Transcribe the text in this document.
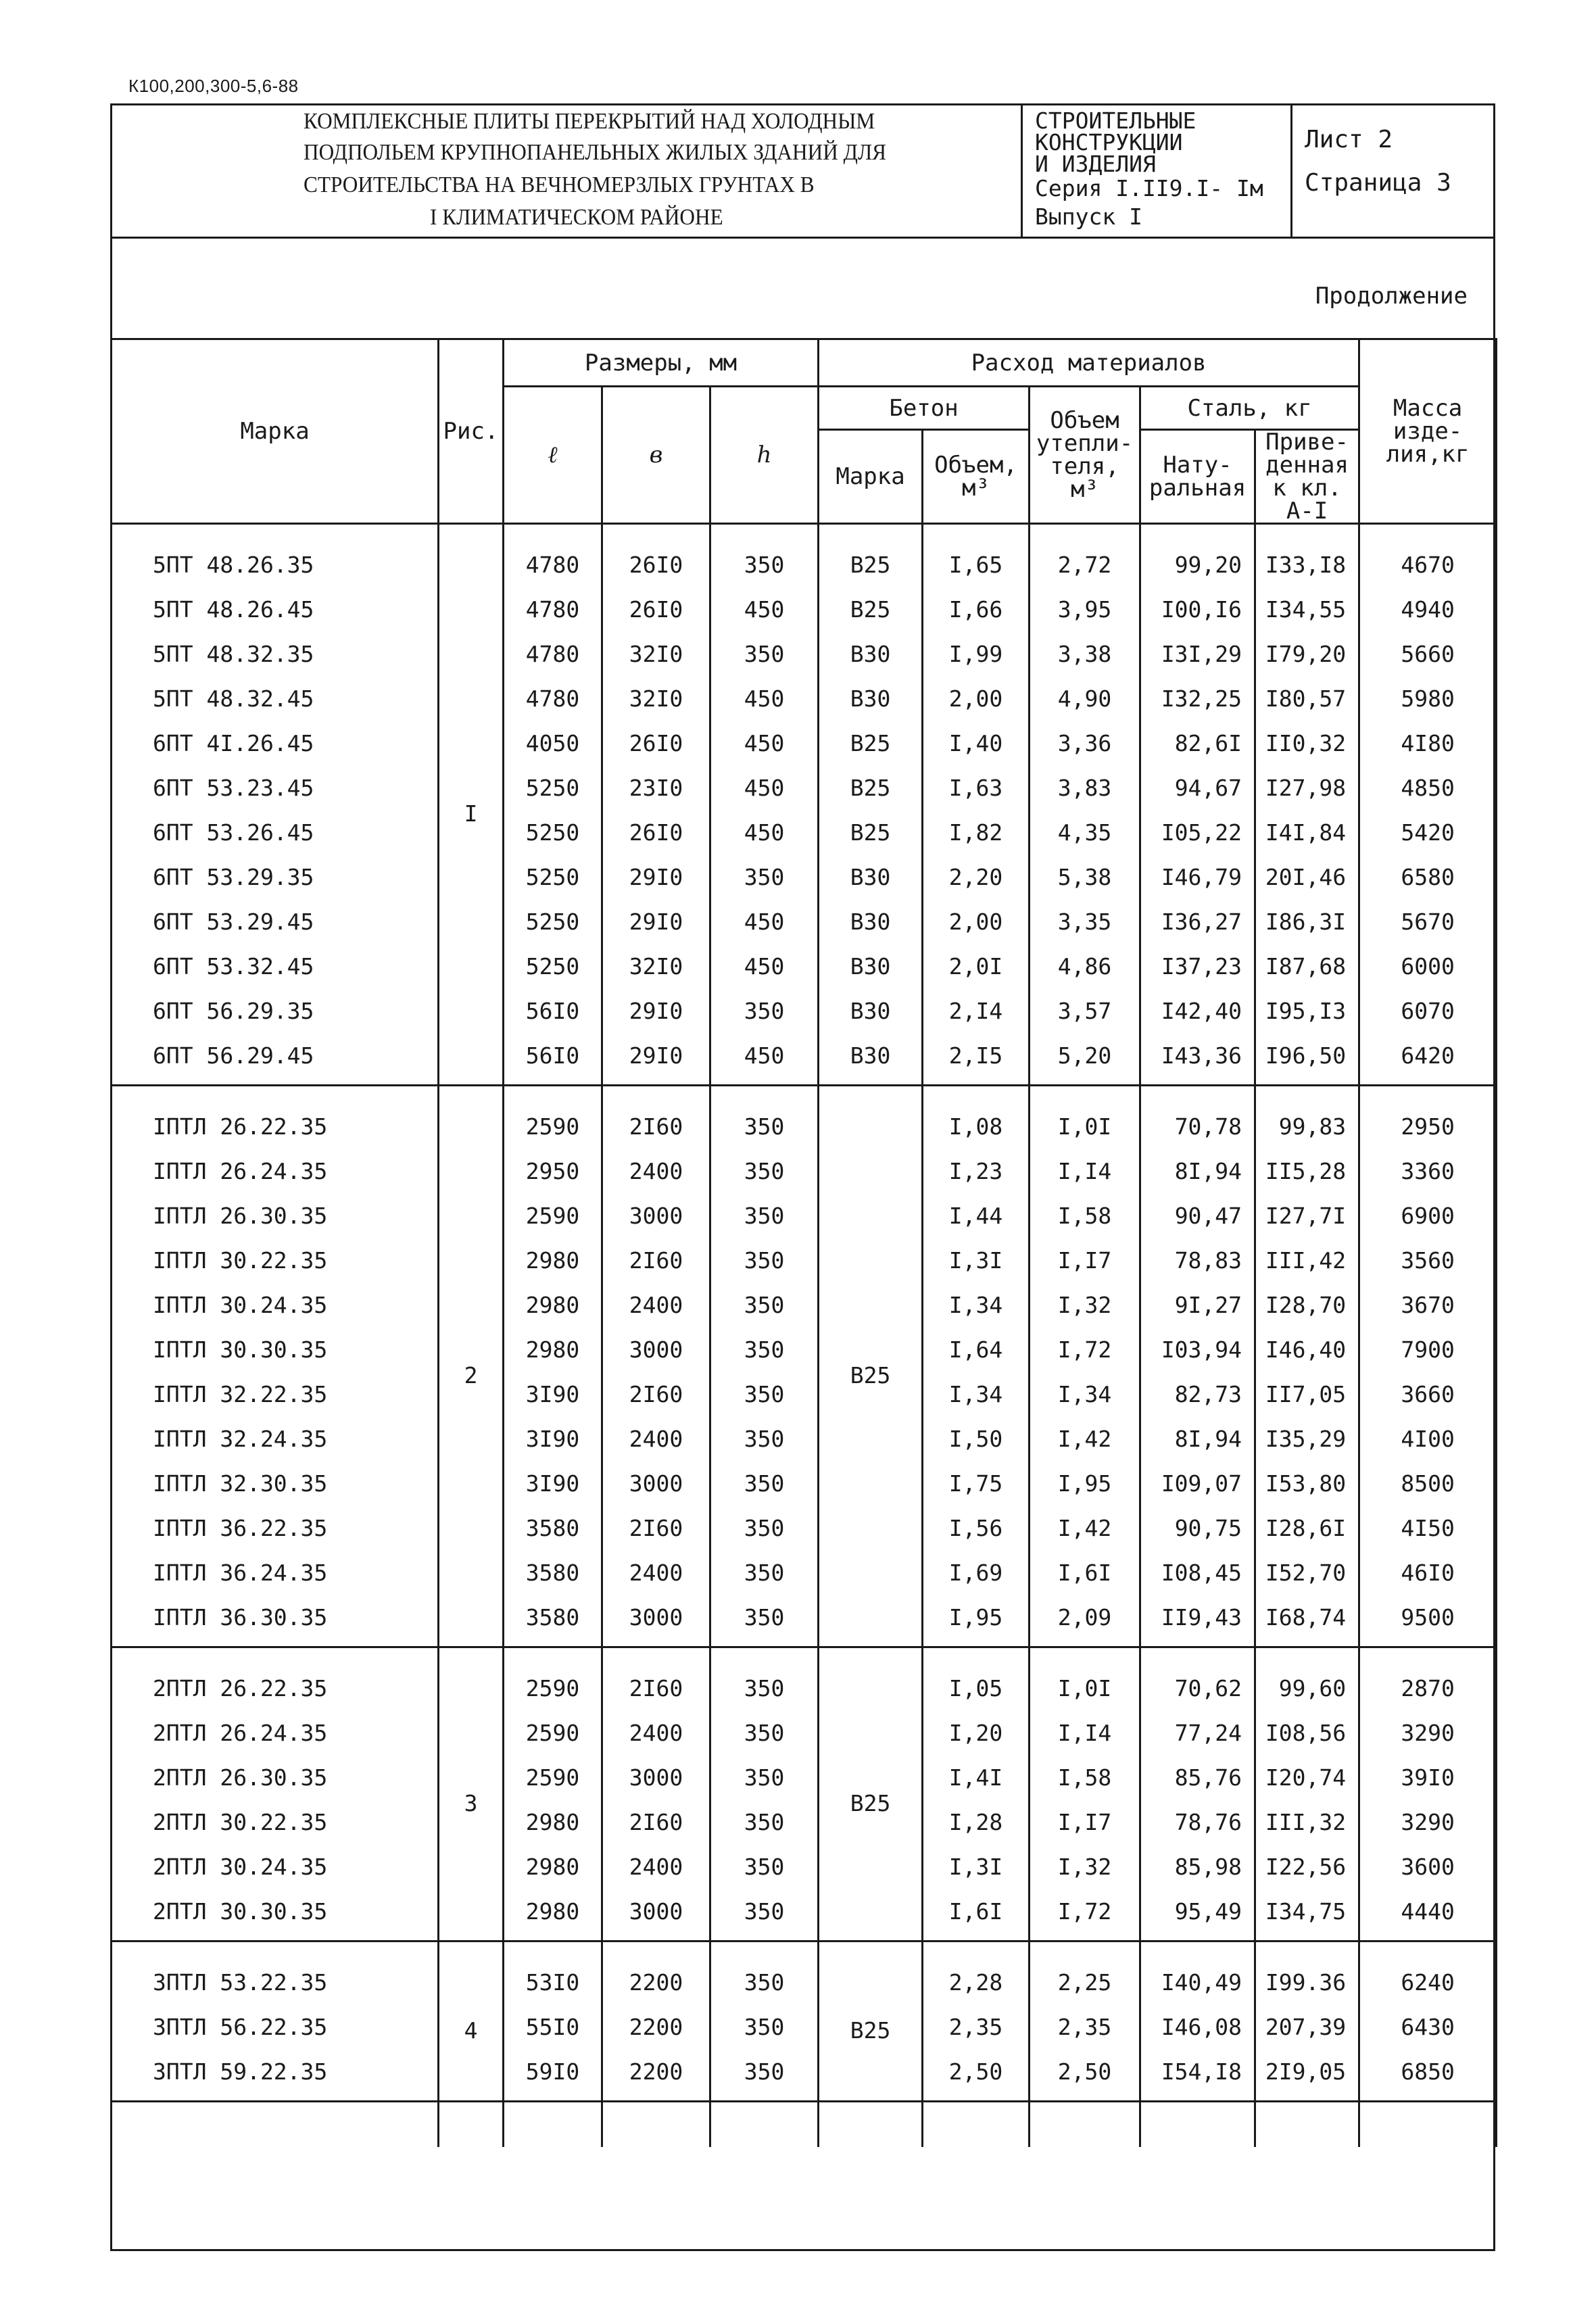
К100,200,300-5,6-88
КОМПЛЕКСНЫЕ ПЛИТЫ ПЕРЕКРЫТИЙ НАД ХОЛОДНЫМ
ПОДПОЛЬЕМ КРУПНОПАНЕЛЬНЫХ ЖИЛЫХ ЗДАНИЙ ДЛЯ
СТРОИТЕЛЬСТВА НА ВЕЧНОМЕРЗЛЫХ ГРУНТАХ В
I КЛИМАТИЧЕСКОМ РАЙОНЕ
СТРОИТЕЛЬНЫЕ
КОНСТРУКЦИИ
И ИЗДЕЛИЯ
Серия I.II9.I- Iм
Выпуск I
Лист 2
Страница 3
Продолжение
Марка	Рис.	Размеры, мм			Расход материалов					Масса изде- лия,кг
		ℓ	в	h	Бетон		Объем утепли- теля, м³	Сталь, кг		
					Марка	Объем, м³		Нату- ральная	Приве- денная к кл. А-I	
5ПТ 48.26.35	I	4780	26I0	350	В25	I,65	2,72	99,20	I33,I8	4670
5ПТ 48.26.45		4780	26I0	450	В25	I,66	3,95	I00,I6	I34,55	4940
5ПТ 48.32.35		4780	32I0	350	В30	I,99	3,38	I3I,29	I79,20	5660
5ПТ 48.32.45		4780	32I0	450	В30	2,00	4,90	I32,25	I80,57	5980
6ПТ 4I.26.45		4050	26I0	450	В25	I,40	3,36	82,6I	II0,32	4I80
6ПТ 53.23.45		5250	23I0	450	В25	I,63	3,83	94,67	I27,98	4850
6ПТ 53.26.45		5250	26I0	450	В25	I,82	4,35	I05,22	I4I,84	5420
6ПТ 53.29.35		5250	29I0	350	В30	2,20	5,38	I46,79	20I,46	6580
6ПТ 53.29.45		5250	29I0	450	В30	2,00	3,35	I36,27	I86,3I	5670
6ПТ 53.32.45		5250	32I0	450	В30	2,0I	4,86	I37,23	I87,68	6000
6ПТ 56.29.35		56I0	29I0	350	В30	2,I4	3,57	I42,40	I95,I3	6070
6ПТ 56.29.45		56I0	29I0	450	В30	2,I5	5,20	I43,36	I96,50	6420
IПТЛ 26.22.35	2	2590	2I60	350	В25	I,08	I,0I	70,78	99,83	2950
IПТЛ 26.24.35		2950	2400	350		I,23	I,I4	8I,94	II5,28	3360
IПТЛ 26.30.35		2590	3000	350		I,44	I,58	90,47	I27,7I	6900
IПТЛ 30.22.35		2980	2I60	350		I,3I	I,I7	78,83	III,42	3560
IПТЛ 30.24.35		2980	2400	350		I,34	I,32	9I,27	I28,70	3670
IПТЛ 30.30.35		2980	3000	350		I,64	I,72	I03,94	I46,40	7900
IПТЛ 32.22.35		3I90	2I60	350		I,34	I,34	82,73	II7,05	3660
IПТЛ 32.24.35		3I90	2400	350		I,50	I,42	8I,94	I35,29	4I00
IПТЛ 32.30.35		3I90	3000	350		I,75	I,95	I09,07	I53,80	8500
IПТЛ 36.22.35		3580	2I60	350		I,56	I,42	90,75	I28,6I	4I50
IПТЛ 36.24.35		3580	2400	350		I,69	I,6I	I08,45	I52,70	46I0
IПТЛ 36.30.35		3580	3000	350		I,95	2,09	II9,43	I68,74	9500
2ПТЛ 26.22.35	3	2590	2I60	350	В25	I,05	I,0I	70,62	99,60	2870
2ПТЛ 26.24.35		2590	2400	350		I,20	I,I4	77,24	I08,56	3290
2ПТЛ 26.30.35		2590	3000	350		I,4I	I,58	85,76	I20,74	39I0
2ПТЛ 30.22.35		2980	2I60	350		I,28	I,I7	78,76	III,32	3290
2ПТЛ 30.24.35		2980	2400	350		I,3I	I,32	85,98	I22,56	3600
2ПТЛ 30.30.35		2980	3000	350		I,6I	I,72	95,49	I34,75	4440
3ПТЛ 53.22.35	4	53I0	2200	350	В25	2,28	2,25	I40,49	I99.36	6240
3ПТЛ 56.22.35		55I0	2200	350		2,35	2,35	I46,08	207,39	6430
3ПТЛ 59.22.35		59I0	2200	350		2,50	2,50	I54,I8	2I9,05	6850
